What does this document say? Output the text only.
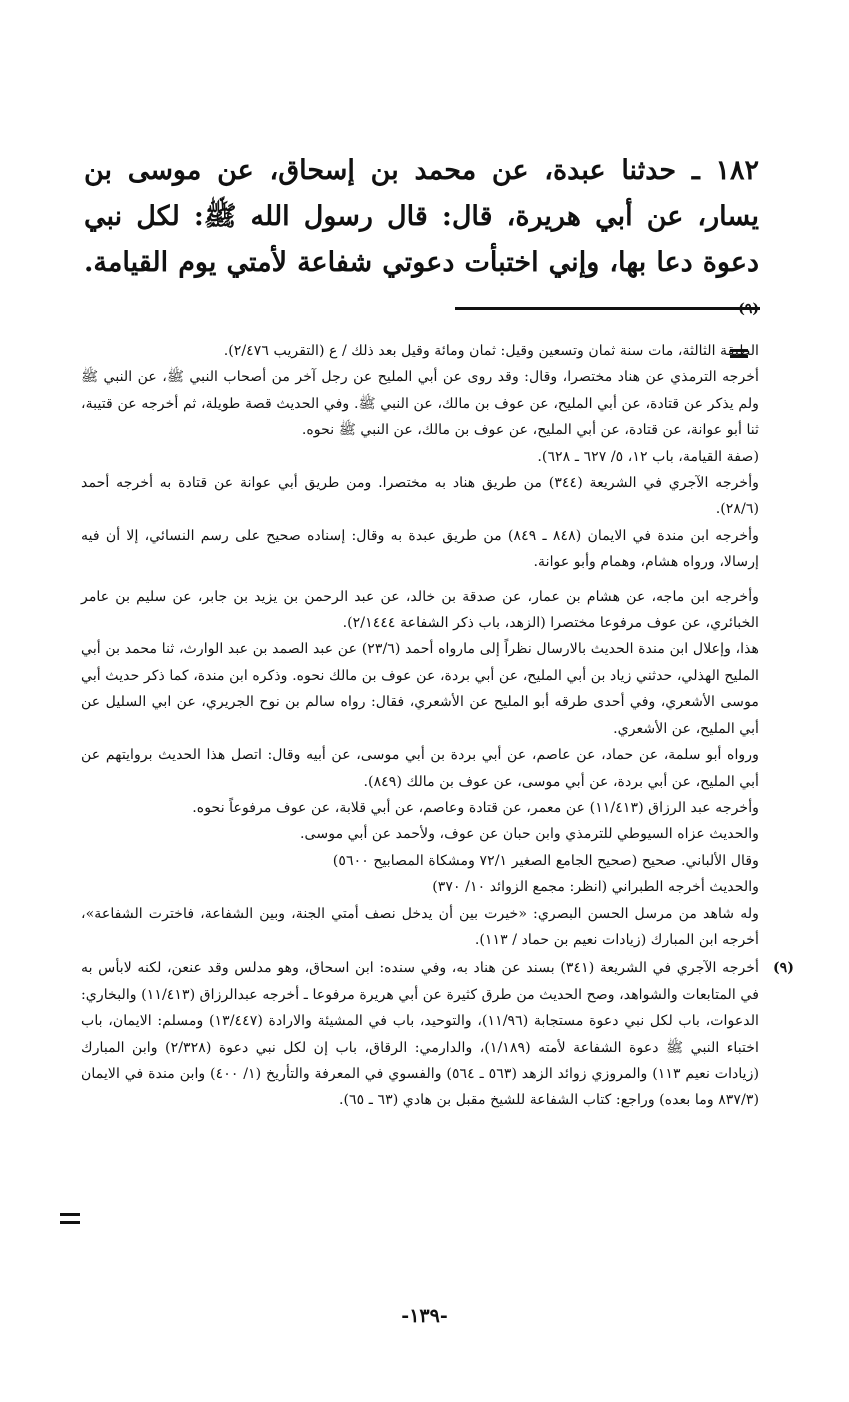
١٨٢ ـ حدثنا عبدة، عن محمد بن إسحاق، عن موسى بن يسار، عن أبي هريرة، قال: قال رسول الله ﷺ: لكل نبي دعوة دعا بها، وإني اختبأت دعوتي شفاعة لأمتي يوم القيامة. $^{(٩)}$

الطبقة الثالثة، مات سنة ثمان وتسعين وقيل: ثمان ومائة وقيل بعد ذلك / ع (التقريب ٢/٤٧٦).

أخرجه الترمذي عن هناد مختصرا، وقال: وقد روى عن أبي المليح عن رجل آخر من أصحاب النبي ﷺ، عن النبي ﷺ ولم يذكر عن قتادة، عن أبي المليح، عن عوف بن مالك، عن النبي ﷺ. وفي الحديث قصة طويلة، ثم أخرجه عن قتيبة، ثنا أبو عوانة، عن قتادة، عن أبي المليح، عن عوف بن مالك، عن النبي ﷺ نحوه.

(صفة القيامة، باب ١٢، ٥/ ٦٢٧ ـ ٦٢٨).

وأخرجه الآجري في الشريعة (٣٤٤) من طريق هناد به مختصرا. ومن طريق أبي عوانة عن قتادة به أخرجه أحمد (٢٨/٦).

وأخرجه ابن مندة في الايمان (٨٤٨ ـ ٨٤٩) من طريق عبدة به وقال: إسناده صحيح على رسم النسائي، إلا أن فيه إرسالا، ورواه هشام، وهمام وأبو عوانة.

وأخرجه ابن ماجه، عن هشام بن عمار، عن صدقة بن خالد، عن عبد الرحمن بن يزيد بن جابر، عن سليم بن عامر الخبائري، عن عوف مرفوعا مختصرا (الزهد، باب ذكر الشفاعة ٢/١٤٤٤).

هذا، وإعلال ابن مندة الحديث بالارسال نظراً إلى مارواه أحمد (٢٣/٦) عن عبد الصمد بن عبد الوارث، ثنا محمد بن أبي المليح الهذلي، حدثني زياد بن أبي المليح، عن أبي بردة، عن عوف بن مالك نحوه. وذكره ابن مندة، كما ذكر حديث أبي موسى الأشعري، وفي أحدى طرقه أبو المليح عن الأشعري، فقال: رواه سالم بن نوح الجريري، عن ابي السليل عن أبي المليح، عن الأشعري.

ورواه أبو سلمة، عن حماد، عن عاصم، عن أبي بردة بن أبي موسى، عن أبيه وقال: اتصل هذا الحديث بروايتهم عن أبي المليح، عن أبي بردة، عن أبي موسى، عن عوف بن مالك (٨٤٩).

وأخرجه عبد الرزاق (١١/٤١٣) عن معمر، عن قتادة وعاصم، عن أبي قلابة، عن عوف مرفوعاً نحوه.

والحديث عزاه السيوطي للترمذي وابن حبان عن عوف، ولأحمد عن أبي موسى.

وقال الألباني. صحيح (صحيح الجامع الصغير ٧٢/١ ومشكاة المصابيح ٥٦٠٠)

والحديث أخرجه الطبراني (انظر: مجمع الزوائد ١٠/ ٣٧٠)

وله شاهد من مرسل الحسن البصري: «خيرت بين أن يدخل نصف أمتي الجنة، وبين الشفاعة، فاخترت الشفاعة»، أخرجه ابن المبارك (زيادات نعيم بن حماد / ١١٣).

(٩)

أخرجه الآجري في الشريعة (٣٤١) بسند عن هناد به، وفي سنده: ابن اسحاق، وهو مدلس وقد عنعن، لكنه لابأس به في المتابعات والشواهد، وصح الحديث من طرق كثيرة عن أبي هريرة مرفوعا ـ أخرجه عبدالرزاق (١١/٤١٣) والبخاري: الدعوات، باب لكل نبي دعوة مستجابة (١١/٩٦)، والتوحيد، باب في المشيئة والارادة (١٣/٤٤٧) ومسلم: الايمان، باب اختباء النبي ﷺ دعوة الشفاعة لأمته (١/١٨٩)، والدارمي: الرقاق، باب إن لكل نبي دعوة (٢/٣٢٨) وابن المبارك (زيادات نعيم ١١٣) والمروزي زوائد الزهد (٥٦٣ ـ ٥٦٤) والفسوي في المعرفة والتأريخ (١/ ٤٠٠) وابن مندة في الايمان (٨٣٧/٣ وما بعده) وراجع: كتاب الشفاعة للشيخ مقبل بن هادي (٦٣ ـ ٦٥).

-١٣٩-
